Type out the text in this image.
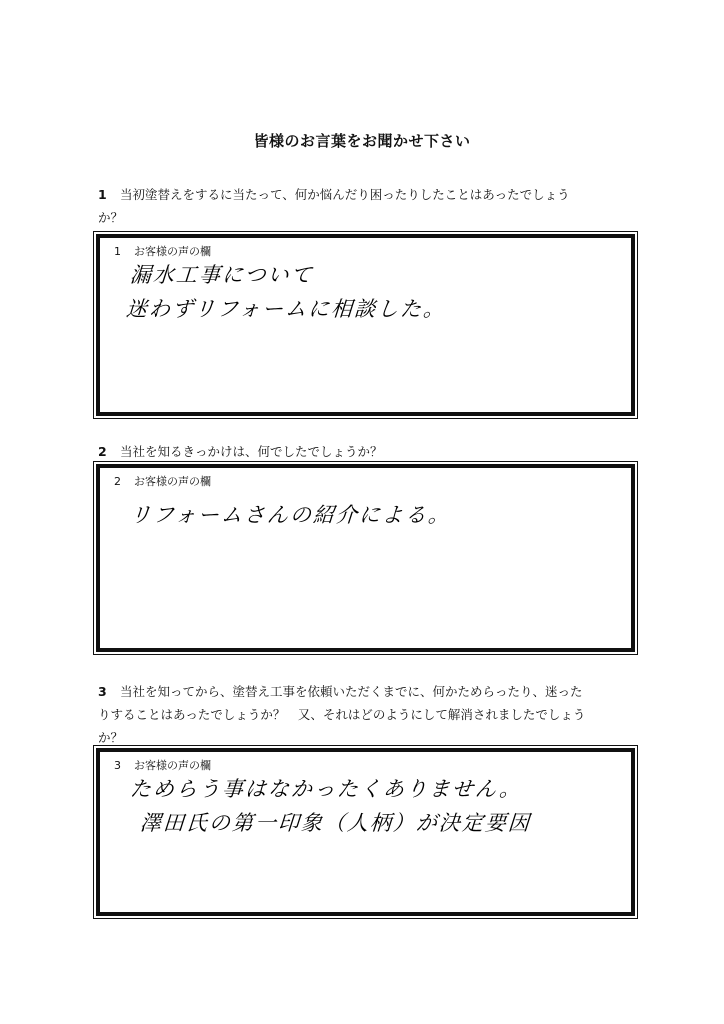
皆様のお言葉をお聞かせ下さい
1 当初塗替えをするに当たって、何か悩んだり困ったりしたことはあったでしょう
か？
1 お客様の声の欄
漏水工事について
迷わずリフォームに相談した。
2 当社を知るきっかけは、何でしたでしょうか？
2 お客様の声の欄
リフォームさんの紹介による。
3 当社を知ってから、塗替え工事を依頼いただくまでに、何かためらったり、迷った
りすることはあったでしょうか？　又、それはどのようにして解消されましたでしょう
か？
3 お客様の声の欄
ためらう事はなかったくありません。
澤田氏の第一印象（人柄）が決定要因
